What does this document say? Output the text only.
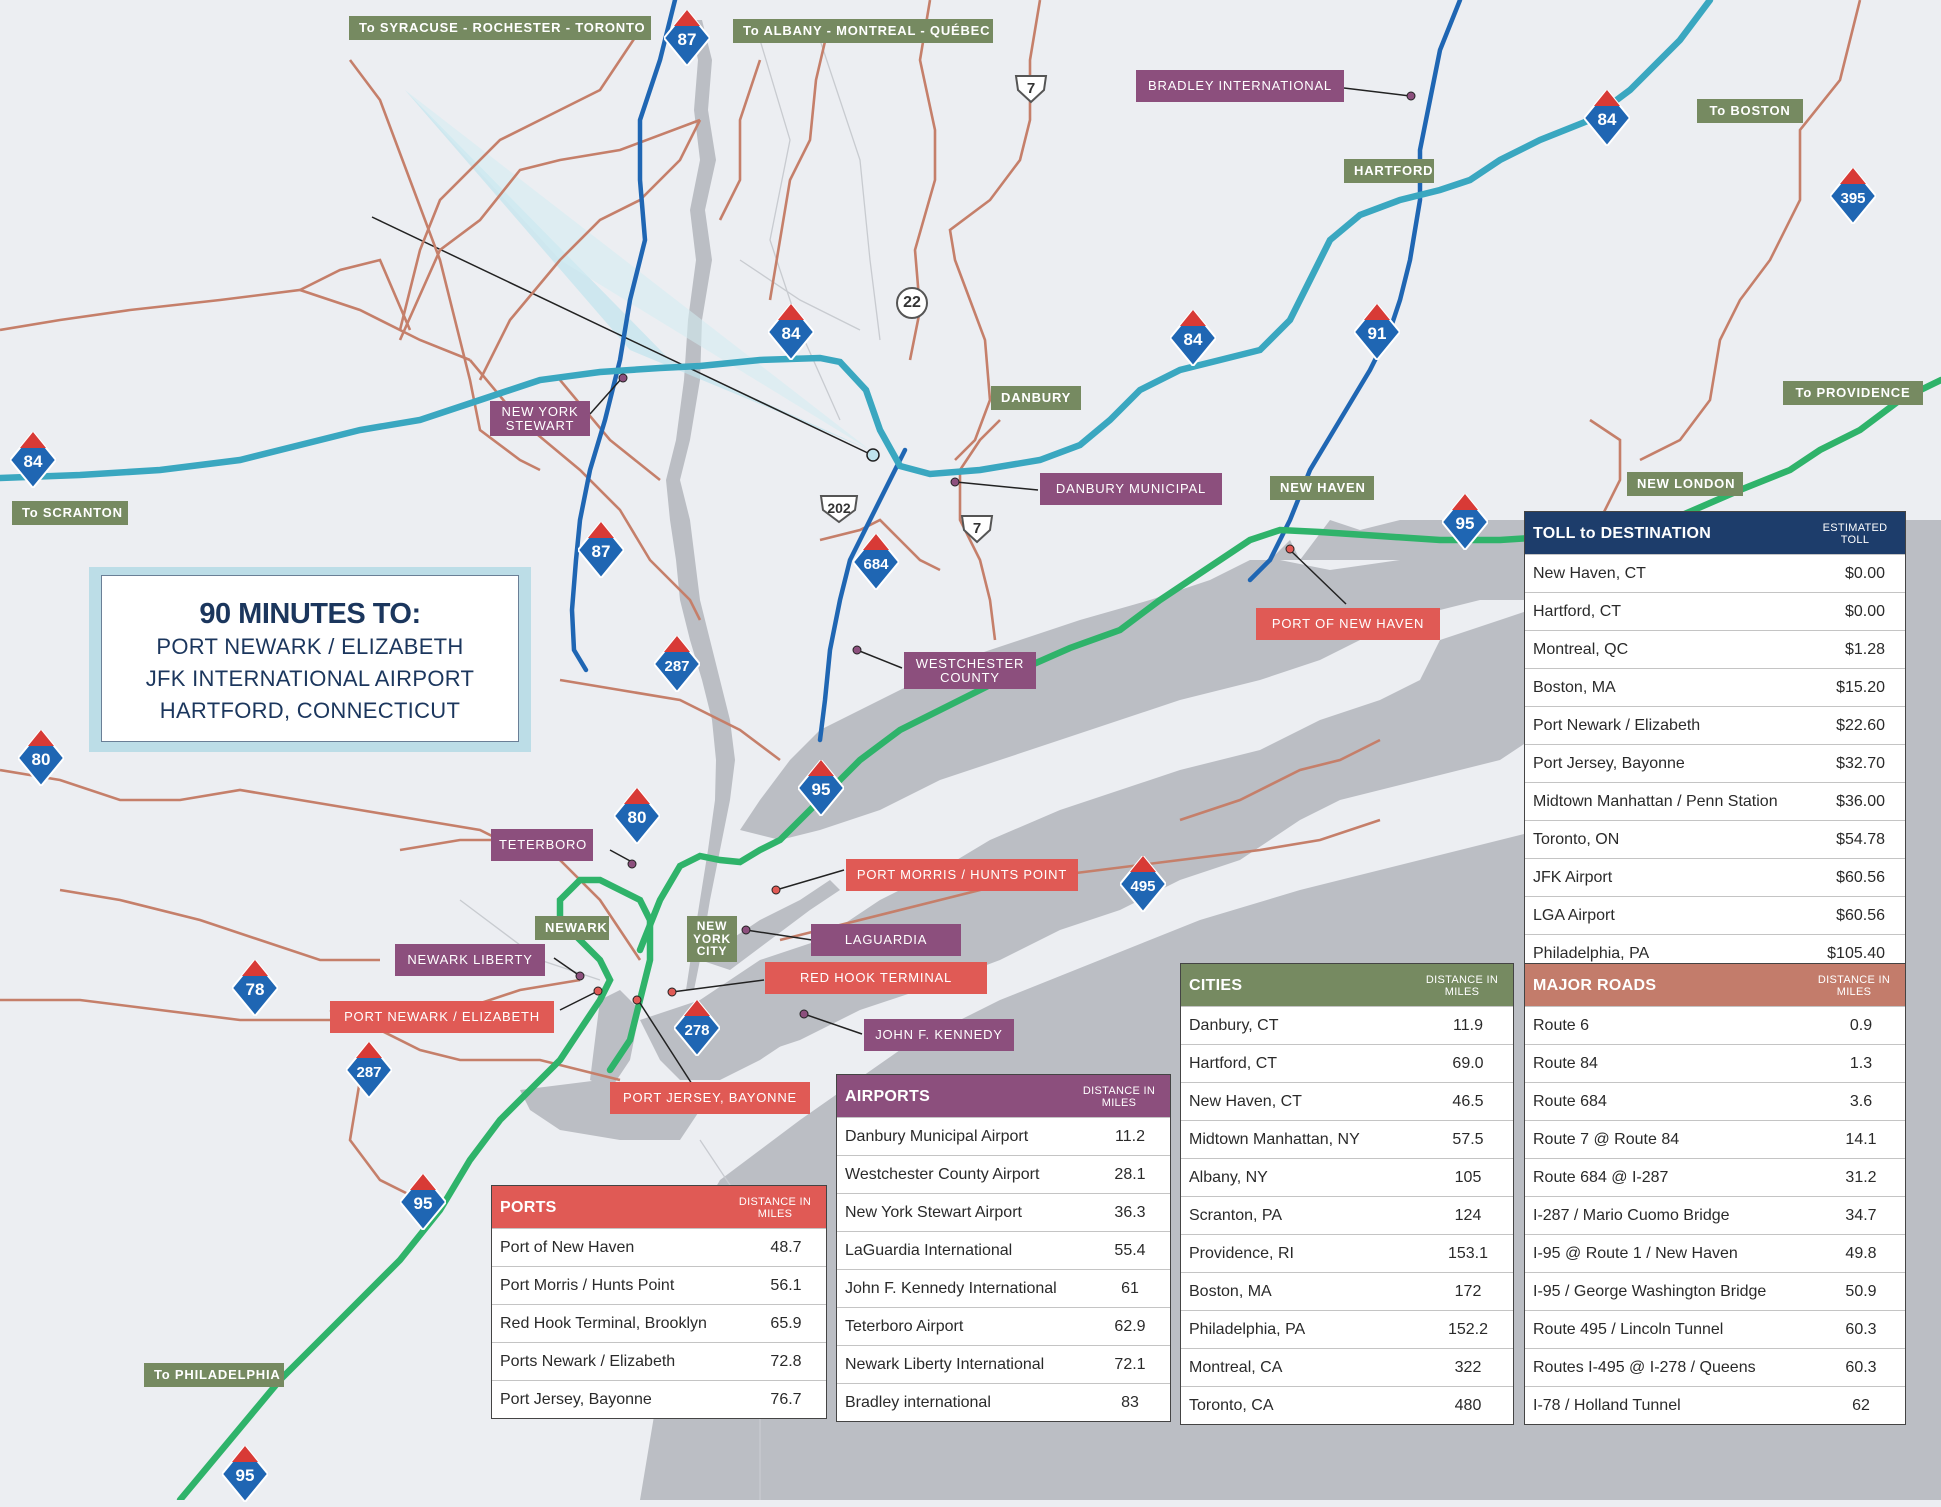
87
84
395
84	84	91
84
87
684
287
80
95
95
80
495
78
278
287
95
95
7
22
202
7
To SYRACUSE - ROCHESTER - TORONTO	To ALBANY - MONTREAL - QUÉBEC
To BOSTON
To PROVIDENCE
To SCRANTON
To PHILADELPHIA
HARTFORD
DANBURY
NEW HAVEN	NEW LONDON
NEWARK	NEW YORK CITY
BRADLEY INTERNATIONAL
NEW YORK STEWART
DANBURY MUNICIPAL
WESTCHESTER COUNTY
TETERBORO
LAGUARDIA
NEWARK LIBERTY
JOHN F. KENNEDY
PORT OF NEW HAVEN
PORT MORRIS / HUNTS POINT
RED HOOK TERMINAL
PORT NEWARK / ELIZABETH
PORT JERSEY, BAYONNE
90 MINUTES TO:
PORT NEWARK / ELIZABETH
JFK INTERNATIONAL AIRPORT
HARTFORD, CONNECTICUT
TOLL to DESTINATION	ESTIMATED TOLL
New Haven, CT	$0.00
Hartford, CT	$0.00
Montreal, QC	$1.28
Boston, MA	$15.20
Port Newark / Elizabeth	$22.60
Port Jersey, Bayonne	$32.70
Midtown Manhattan / Penn Station	$36.00
Toronto, ON	$54.78
JFK Airport	$60.56
LGA Airport	$60.56
Philadelphia, PA	$105.40
CITIES	DISTANCE IN MILES
Danbury, CT	11.9
Hartford, CT	69.0
New Haven, CT	46.5
Midtown Manhattan, NY	57.5
Albany, NY	105
Scranton, PA	124
Providence, RI	153.1
Boston, MA	172
Philadelphia, PA	152.2
Montreal, CA	322
Toronto, CA	480
MAJOR ROADS	DISTANCE IN MILES
Route 6	0.9
Route 84	1.3
Route 684	3.6
Route 7 @ Route 84	14.1
Route 684 @ I-287	31.2
I-287 / Mario Cuomo Bridge	34.7
I-95 @ Route 1 / New Haven	49.8
I-95 / George Washington Bridge	50.9
Route 495 / Lincoln Tunnel	60.3
Routes I-495 @ I-278 / Queens	60.3
I-78 / Holland Tunnel	62
AIRPORTS	DISTANCE IN MILES
Danbury Municipal Airport	11.2
Westchester County Airport	28.1
New York Stewart Airport	36.3
LaGuardia International	55.4
John F. Kennedy International	61
Teterboro Airport	62.9
Newark Liberty International	72.1
Bradley international	83
PORTS	DISTANCE IN MILES
Port of New Haven	48.7
Port Morris / Hunts Point	56.1
Red Hook Terminal, Brooklyn	65.9
Ports Newark / Elizabeth	72.8
Port Jersey, Bayonne	76.7
